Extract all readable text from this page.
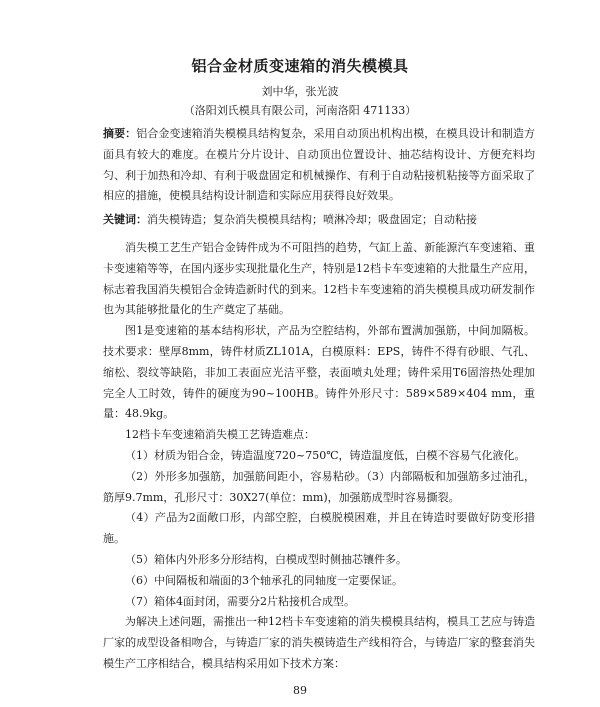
铝合金材质变速箱的消失模模具
刘中华，张光波
（洛阳刘氏模具有限公司，河南洛阳 471133）
摘要：铝合金变速箱消失模模具结构复杂，采用自动顶出机构出模，在模具设计和制造方面具有较大的难度。在模片分片设计、自动顶出位置设计、抽芯结构设计、方便充料均匀、利于加热和冷却、有利于吸盘固定和机械操作、有利于自动粘接机粘接等方面采取了相应的措施，使模具结构设计制造和实际应用获得良好效果。
关键词：消失模铸造；复杂消失模模具结构；喷淋冷却；吸盘固定；自动粘接

消失模工艺生产铝合金铸件成为不可阻挡的趋势，气缸上盖、新能源汽车变速箱、重卡变速箱等等，在国内逐步实现批量化生产，特别是12档卡车变速箱的大批量生产应用，标志着我国消失模铝合金铸造新时代的到来。12档卡车变速箱的消失模模具成功研发制作也为其能够批量化的生产奠定了基础。

图1是变速箱的基本结构形状，产品为空腔结构，外部布置满加强筋，中间加隔板。技术要求：壁厚8mm，铸件材质ZL101A，白模原料：EPS，铸件不得有砂眼、气孔、缩松、裂纹等缺陷，非加工表面应光洁平整，表面喷丸处理；铸件采用T6固溶热处理加完全人工时效，铸件的硬度为90~100HB。铸件外形尺寸：589×589×404 mm，重量：48.9kg。

12档卡车变速箱消失模工艺铸造难点：

（1）材质为铝合金，铸造温度720~750℃，铸造温度低，白模不容易气化液化。

（2）外形多加强筋，加强筋间距小，容易粘砂。（3）内部隔板和加强筋多过油孔，筋厚9.7mm，孔形尺寸：30X27(单位：mm)，加强筋成型时容易撕裂。

（4）产品为2面敞口形，内部空腔，白模脱模困难，并且在铸造时要做好防变形措施。

（5）箱体内外形多分形结构，白模成型时侧抽芯镶件多。

（6）中间隔板和端面的3个轴承孔的同轴度一定要保证。

（7）箱体4面封闭，需要分2片粘接机合成型。

为解决上述问题，需推出一种12档卡车变速箱的消失模模具结构，模具工艺应与铸造厂家的成型设备相吻合，与铸造厂家的消失模铸造生产线相符合，与铸造厂家的整套消失模生产工序相结合，模具结构采用如下技术方案：

89
